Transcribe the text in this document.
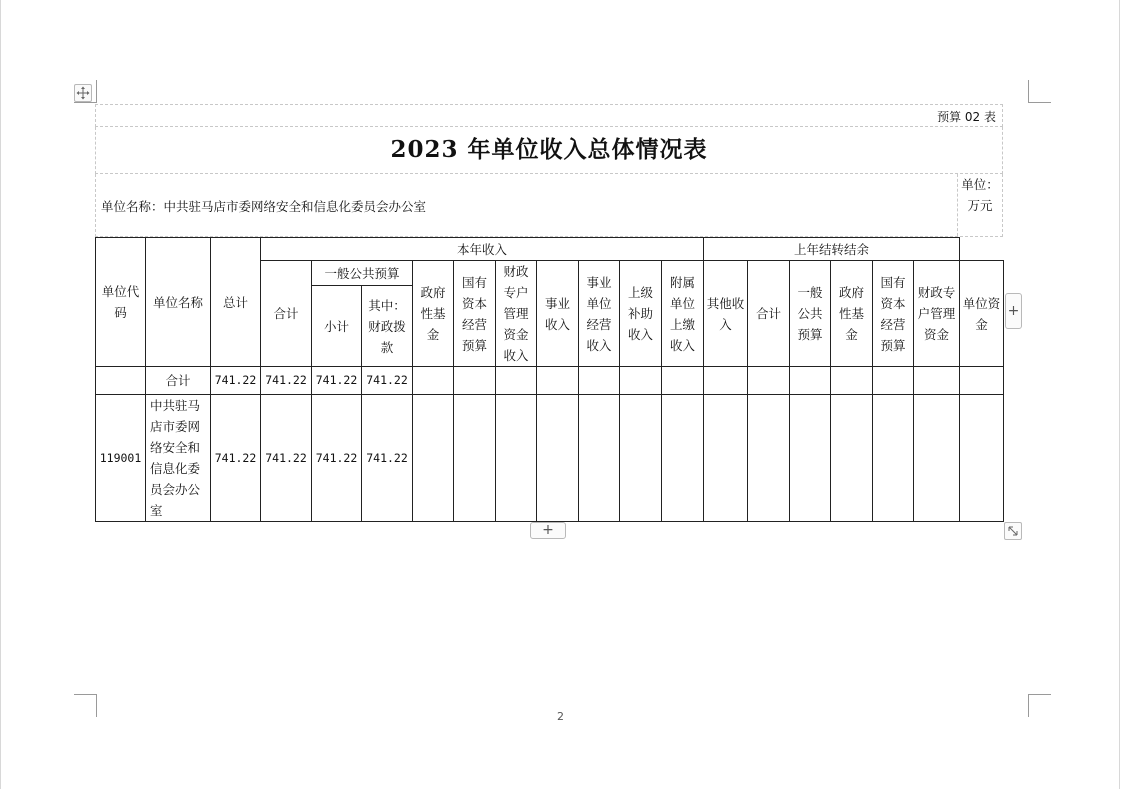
预算 02 表
2023 年单位收入总体情况表
单位名称：中共驻马店市委网络安全和信息化委员会办公室
单位：万元
单位代码	单位名称	总计	本年收入										上年结转结余						
			合计	一般公共预算		政府性基金	国有资本经营预算	财政专户管理资金收入	事业收入	事业单位经营收入	上级补助收入	附属单位上缴收入	其他收入	合计	一般公共预算	政府性基金	国有资本经营预算	财政专户管理资金	单位资金
				小计	其中：财政拨款														
	合计	741.22	741.22	741.22	741.22														
119001	中共驻马店市委网络安全和信息化委员会办公室	741.22	741.22	741.22	741.22														
+
+
2
